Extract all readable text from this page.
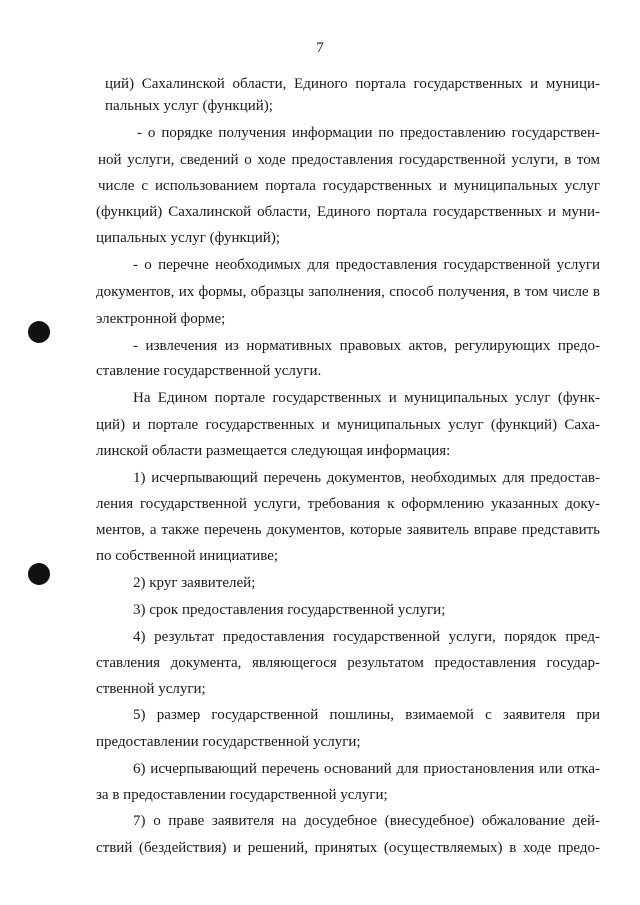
7
ций) Сахалинской области, Единого портала государственных и муници-
пальных услуг (функций);
- о порядке получения информации по предоставлению государствен-
ной услуги, сведений о ходе предоставления государственной услуги, в том
числе с использованием портала государственных и муниципальных услуг
(функций) Сахалинской области, Единого портала государственных и муни-
ципальных услуг (функций);
- о перечне необходимых для предоставления государственной услуги
документов, их формы, образцы заполнения, способ получения, в том числе в
электронной форме;
- извлечения из нормативных правовых актов, регулирующих предо-
ставление государственной услуги.
На Едином портале государственных и муниципальных услуг (функ-
ций) и портале государственных и муниципальных услуг (функций) Саха-
линской области размещается следующая информация:
1) исчерпывающий перечень документов, необходимых для предостав-
ления государственной услуги, требования к оформлению указанных доку-
ментов, а также перечень документов, которые заявитель вправе представить
по собственной инициативе;
2) круг заявителей;
3) срок предоставления государственной услуги;
4) результат предоставления государственной услуги, порядок пред-
ставления документа, являющегося результатом предоставления государ-
ственной услуги;
5) размер государственной пошлины, взимаемой с заявителя при
предоставлении государственной услуги;
6) исчерпывающий перечень оснований для приостановления или отка-
за в предоставлении государственной услуги;
7) о праве заявителя на досудебное (внесудебное) обжалование дей-
ствий (бездействия) и решений, принятых (осуществляемых) в ходе предо-
